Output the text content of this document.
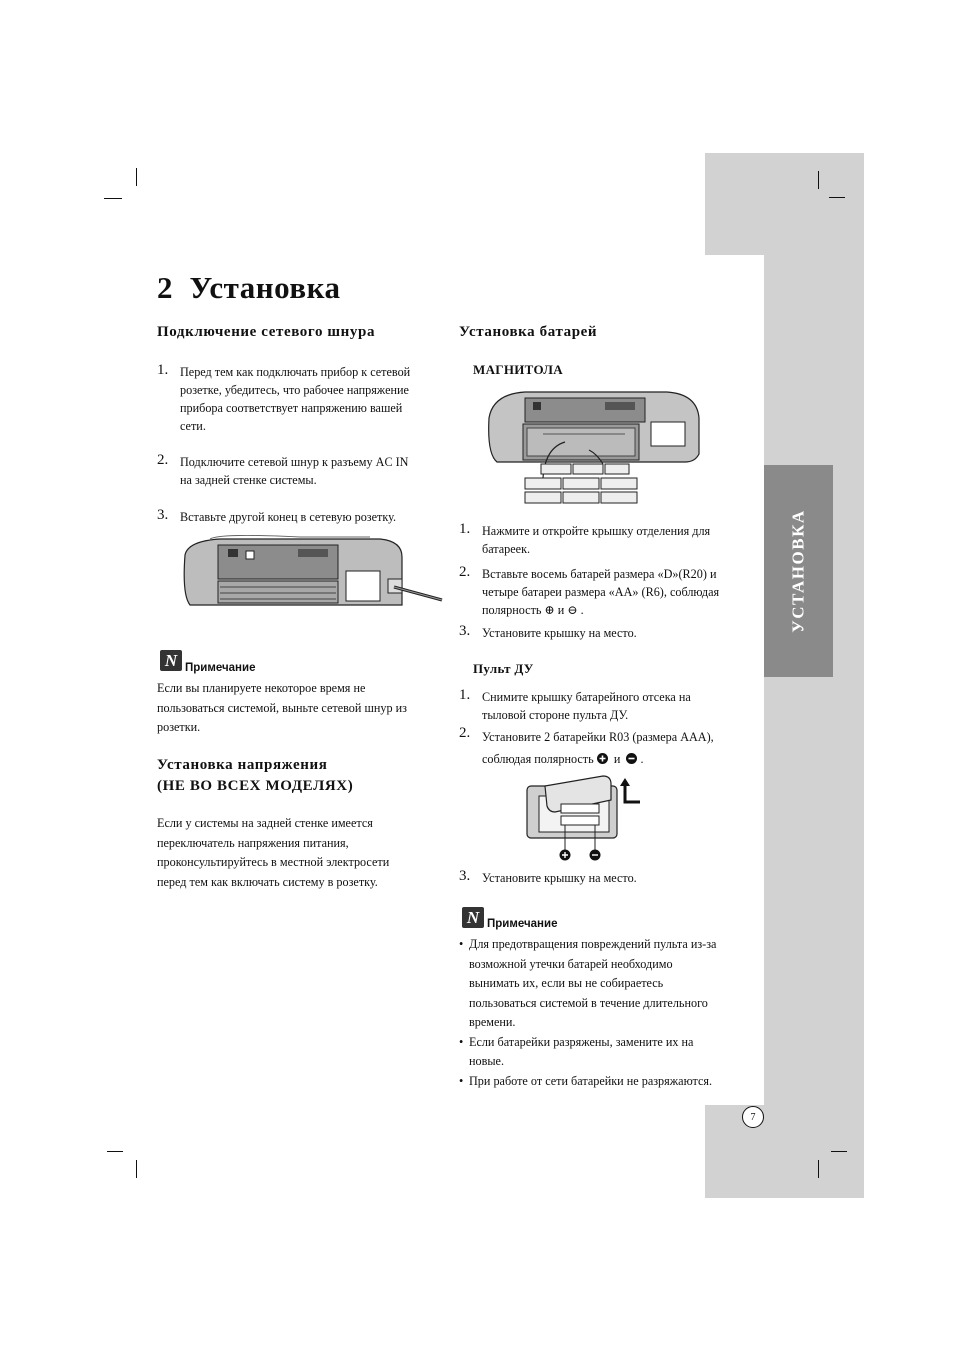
УСТАНОВКА
7
2 Установка
Подключение сетевого шнура
1. Перед тем как подключать прибор к сетевой
розетке, убедитесь, что рабочее напряжение
прибора соответствует напряжению вашей
сети.
2. Подключите сетевой шнур к разъему AC IN
на задней стенке системы.
3. Вставьте другой конец в сетевую розетку.
N Примечание
Если вы планируете некоторое время не
пользоваться системой, выньте сетевой шнур из
розетки.
Установка напряжения
(НЕ ВО ВСЕХ МОДЕЛЯХ)
Если у системы на задней стенке имеется
переключатель напряжения питания,
проконсультируйтесь в местной электросети
перед тем как включать систему в розетку.
Установка батарей
МАГНИТОЛА
1. Нажмите и откройте крышку отделения для
батареек.
2. Вставьте восемь батарей размера «D»(R20) и
четыре батареи размера «AA» (R6), соблюдая
полярность ⊕ и ⊖ .
3. Установите крышку на место.
Пульт ДУ
1. Снимите крышку батарейного отсека на
тыловой стороне пульта ДУ.
2. Установите 2 батарейки R03 (размера AAA),
соблюдая полярность и .
3. Установите крышку на место.
N Примечание
• Для предотвращения повреждений пульта из-за
возможной утечки батарей необходимо
вынимать их, если вы не собираетесь
пользоваться системой в течение длительного
времени.
• Если батарейки разряжены, замените их на
новые.
• При работе от сети батарейки не разряжаются.
